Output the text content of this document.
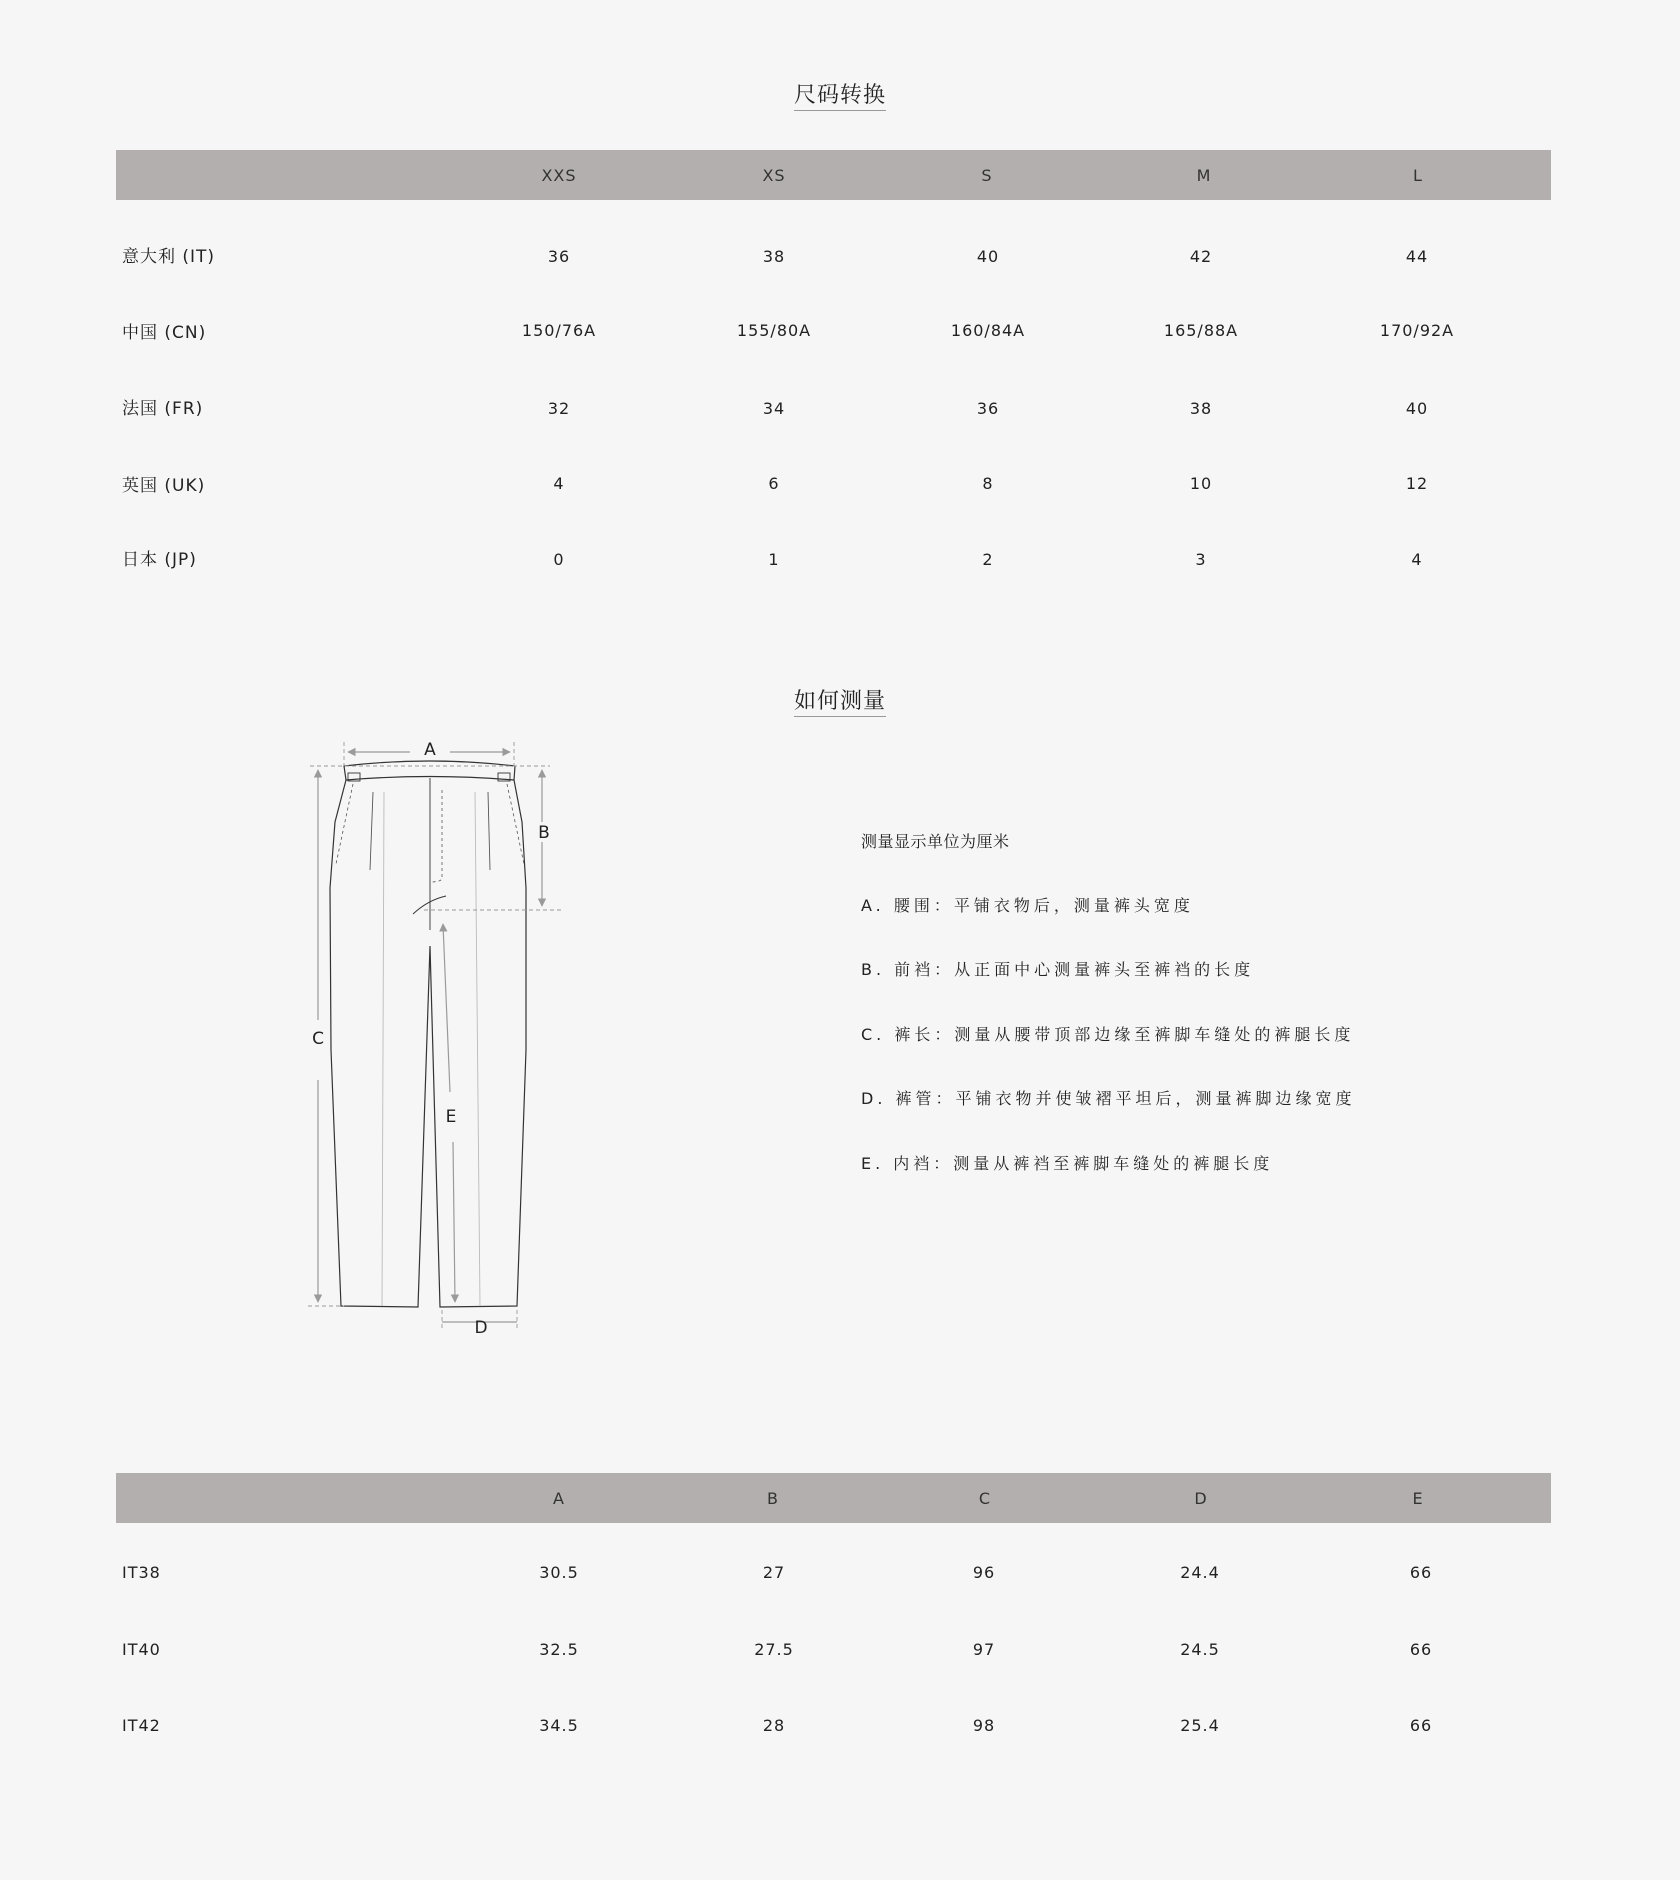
尺码转换
XXS	XS	S	M	L
意大利 (IT)	36	38	40	42	44
中国 (CN)	150/76A	155/80A	160/84A	165/88A	170/92A
法国 (FR)	32	34	36	38	40
英国 (UK)	4	6	8	10	12
日本 (JP)	0	1	2	3	4
如何测量
A
B
C
E
D
测量显示单位为厘米
A. 腰围：平铺衣物后，测量裤头宽度
B. 前裆：从正面中心测量裤头至裤裆的长度
C. 裤长：测量从腰带顶部边缘至裤脚车缝处的裤腿长度
D. 裤管：平铺衣物并使皱褶平坦后，测量裤脚边缘宽度
E. 内裆：测量从裤裆至裤脚车缝处的裤腿长度
A	B	C	D	E
IT38	30.5	27	96	24.4	66
IT40	32.5	27.5	97	24.5	66
IT42	34.5	28	98	25.4	66
